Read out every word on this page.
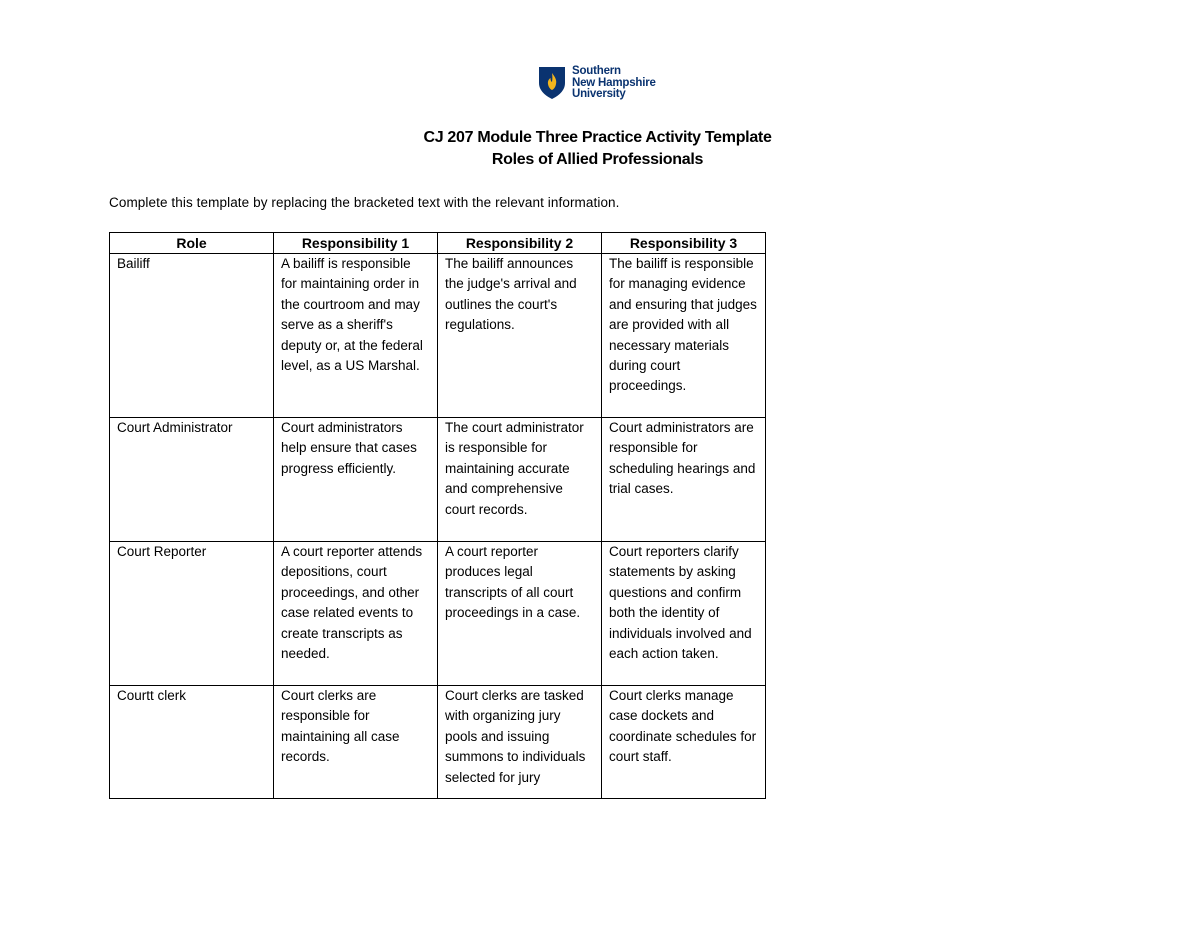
Southern
New Hampshire
University
CJ 207 Module Three Practice Activity Template
Roles of Allied Professionals
Complete this template by replacing the bracketed text with the relevant information.
Role	Responsibility 1	Responsibility 2	Responsibility 3
Bailiff	A bailiff is responsible for maintaining order in the courtroom and may serve as a sheriff's deputy or, at the federal level, as a US Marshal.	The bailiff announces the judge's arrival and outlines the court's regulations.	The bailiff is responsible for managing evidence and ensuring that judges are provided with all necessary materials during court proceedings.
Court Administrator	Court administrators help ensure that cases progress efficiently.	The court administrator is responsible for maintaining accurate and comprehensive court records.	Court administrators are responsible for scheduling hearings and trial cases.
Court Reporter	A court reporter attends depositions, court proceedings, and other case related events to create transcripts as needed.	A court reporter produces legal transcripts of all court proceedings in a case.	Court reporters clarify statements by asking questions and confirm both the identity of individuals involved and each action taken.
Courtt clerk	Court clerks are responsible for maintaining all case records.	Court clerks are tasked with organizing jury pools and issuing summons to individuals selected for jury	Court clerks manage case dockets and coordinate schedules for court staff.
